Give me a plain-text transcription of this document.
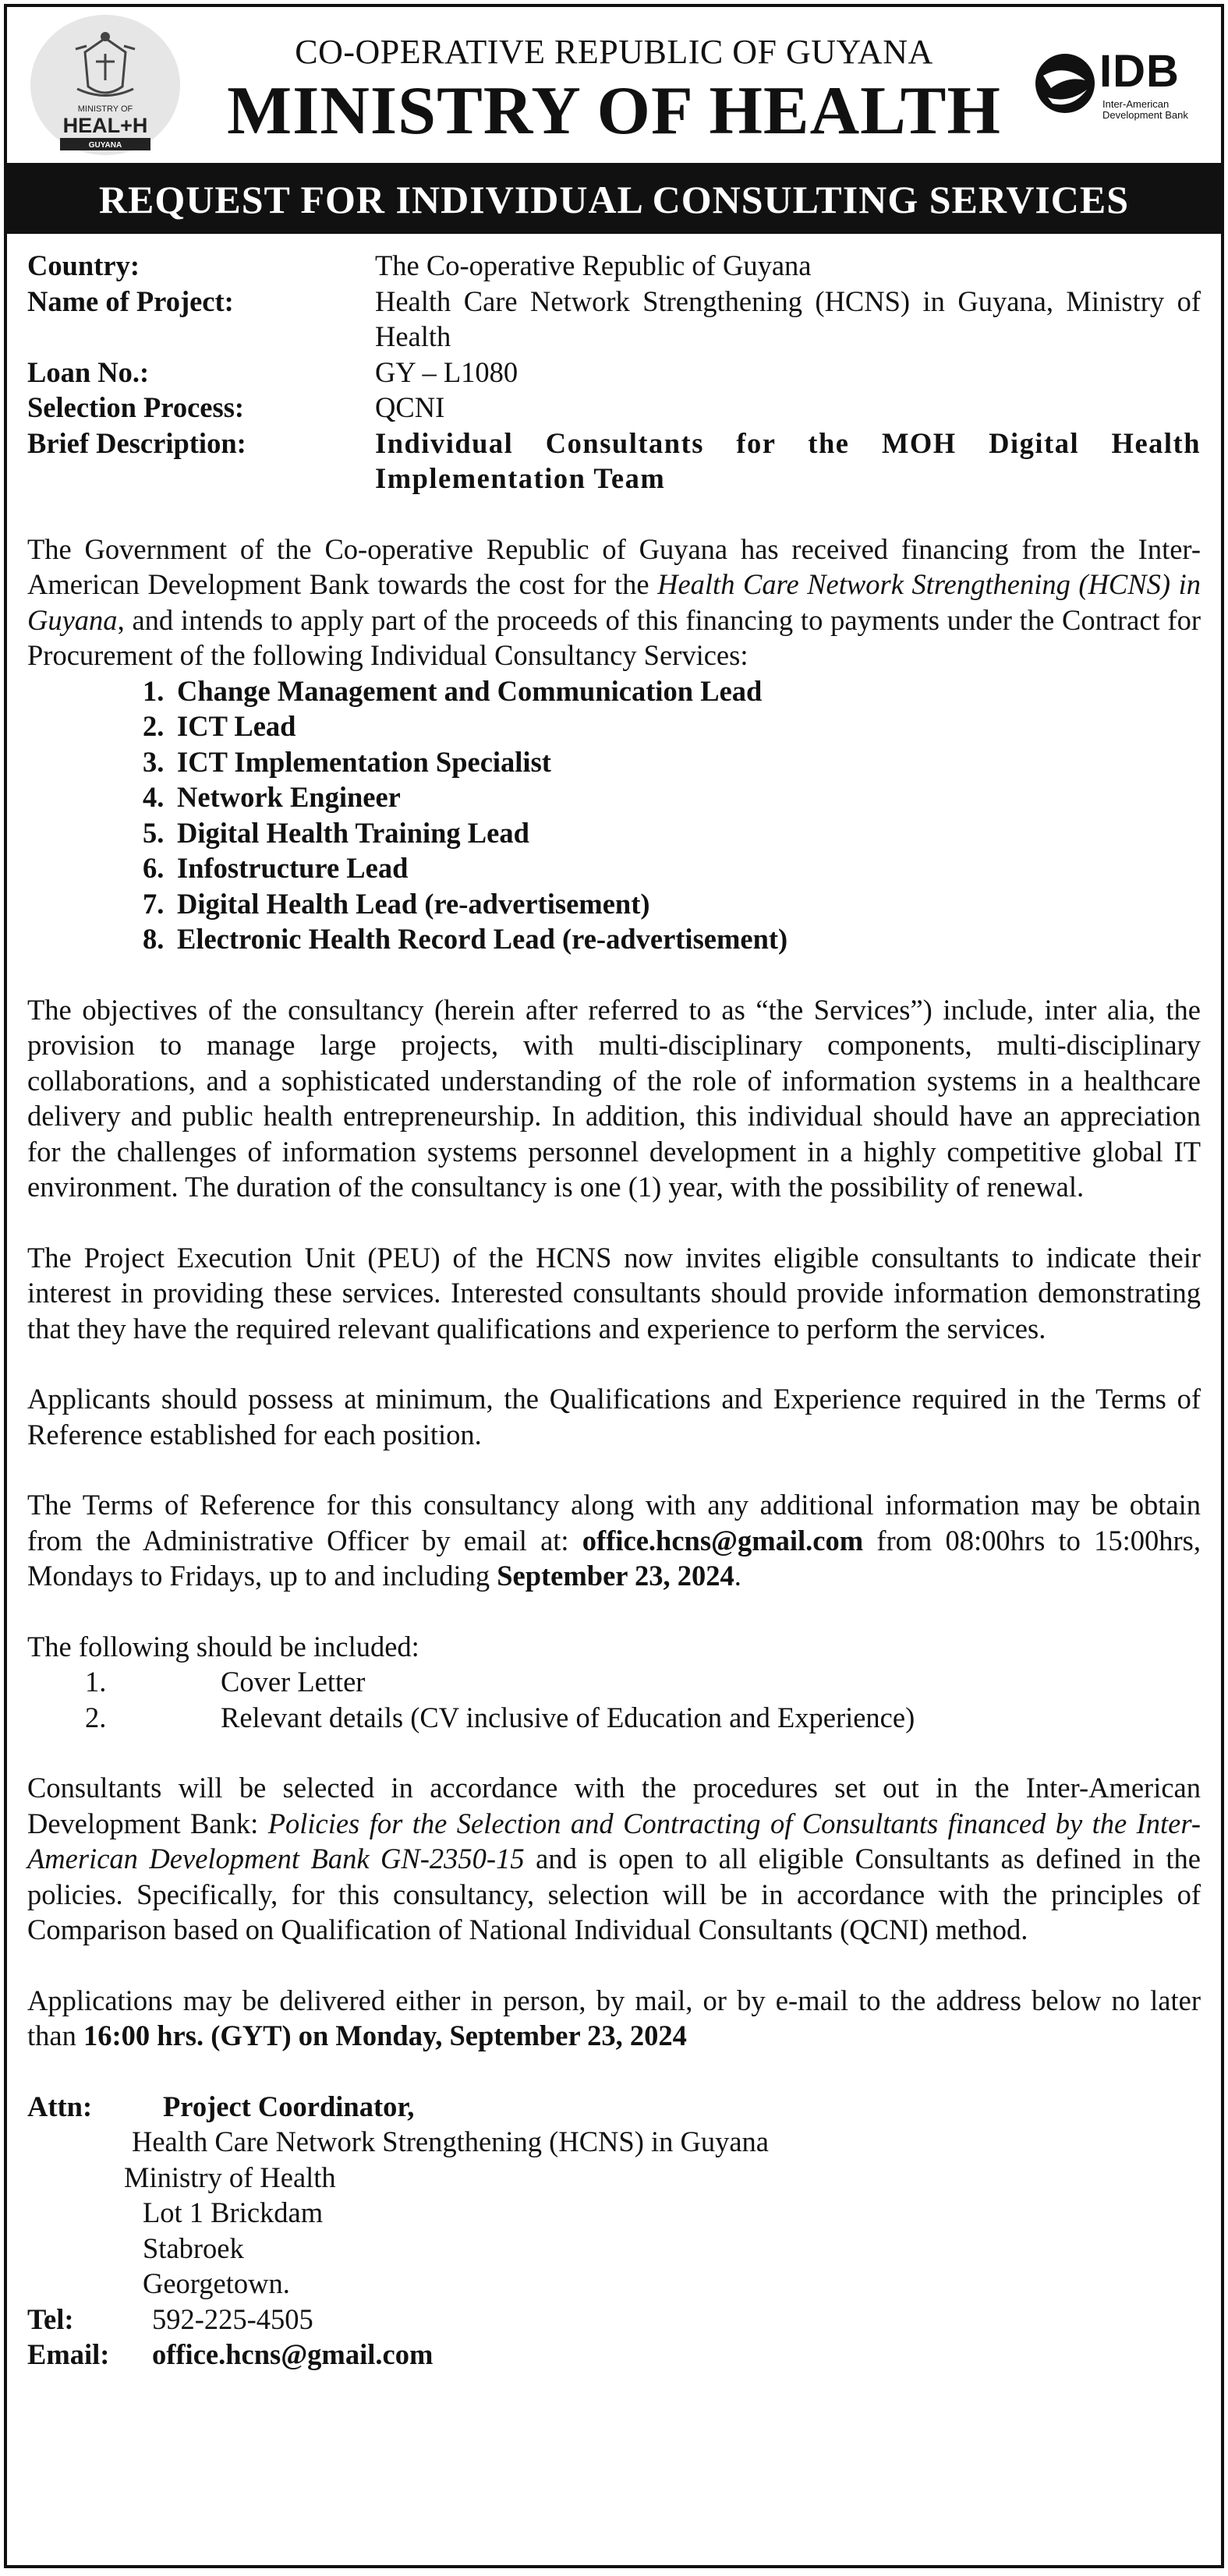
MINISTRY OF
HEAL+H
GUYANA
CO-OPERATIVE REPUBLIC OF GUYANA
MINISTRY OF HEALTH
IDB
Inter-American
Development Bank
REQUEST FOR INDIVIDUAL CONSULTING SERVICES
Country:	The Co-operative Republic of Guyana
Name of Project:	Health Care Network Strengthening (HCNS) in Guyana, Ministry of Health
Loan No.:	GY – L1080
Selection Process:	QCNI
Brief Description:	Individual Consultants for the MOH Digital Health Implementation Team

The Government of the Co-operative Republic of Guyana has received financing from the Inter-American Development Bank towards the cost for the Health Care Network Strengthening (HCNS) in Guyana, and intends to apply part of the proceeds of this financing to payments under the Contract for Procurement of the following Individual Consultancy Services:

1. Change Management and Communication Lead
2. ICT Lead
3. ICT Implementation Specialist
4. Network Engineer
5. Digital Health Training Lead
6. Infostructure Lead
7. Digital Health Lead (re-advertisement)
8. Electronic Health Record Lead (re-advertisement)

The objectives of the consultancy (herein after referred to as “the Services”) include, inter alia, the provision to manage large projects, with multi-disciplinary components, multi-disciplinary collaborations, and a sophisticated understanding of the role of information systems in a healthcare delivery and public health entrepreneurship. In addition, this individual should have an appreciation for the challenges of information systems personnel development in a highly competitive global IT environment. The duration of the consultancy is one (1) year, with the possibility of renewal.

The Project Execution Unit (PEU) of the HCNS now invites eligible consultants to indicate their interest in providing these services. Interested consultants should provide information demonstrating that they have the required relevant qualifications and experience to perform the services.

Applicants should possess at minimum, the Qualifications and Experience required in the Terms of Reference established for each position.

The Terms of Reference for this consultancy along with any additional information may be obtain from the Administrative Officer by email at: office.hcns@gmail.com from 08:00hrs to 15:00hrs, Mondays to Fridays, up to and including September 23, 2024.

The following should be included:

1.	Cover Letter
2.	Relevant details (CV inclusive of Education and Experience)

Consultants will be selected in accordance with the procedures set out in the Inter-American Development Bank: Policies for the Selection and Contracting of Consultants financed by the Inter-American Development Bank GN-2350-15 and is open to all eligible Consultants as defined in the policies. Specifically, for this consultancy, selection will be in accordance with the principles of Comparison based on Qualification of National Individual Consultants (QCNI) method.

Applications may be delivered either in person, by mail, or by e-mail to the address below no later than 16:00 hrs. (GYT) on Monday, September 23, 2024

Attn:	Project Coordinator,
Health Care Network Strengthening (HCNS) in Guyana
Ministry of Health
Lot 1 Brickdam
Stabroek
Georgetown.
Tel:	592-225-4505
Email:	office.hcns@gmail.com
